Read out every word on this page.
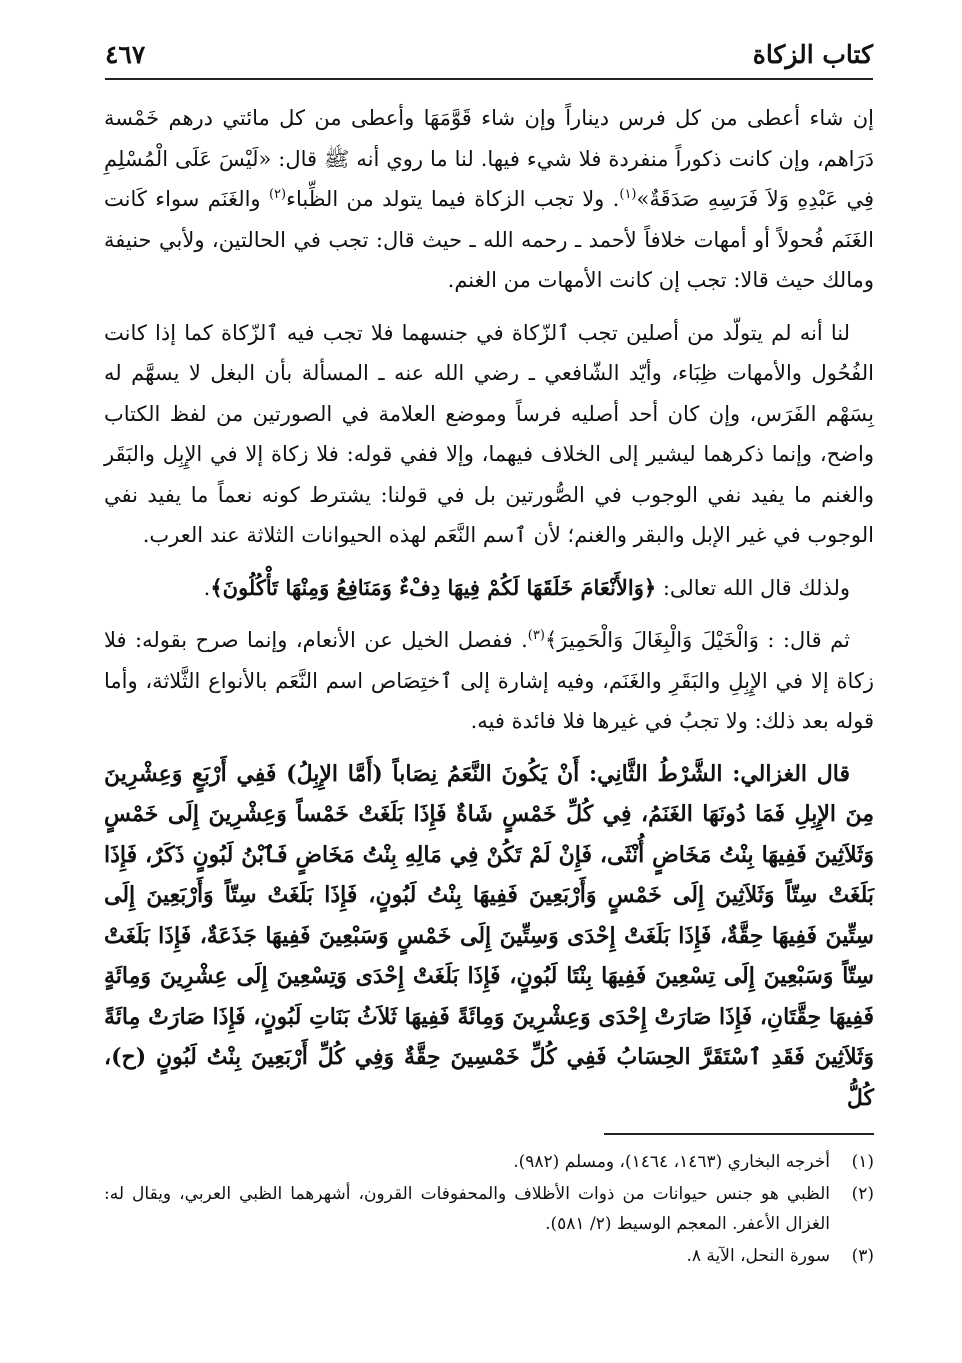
كتاب الزكاة
٤٦٧

إن شاء أعطى من كل فرس ديناراً وإن شاء قَوَّمَهَا وأعطى من كل مائتي درهم خَمْسة دَرَاهم، وإن كانت ذكوراً منفردة فلا شيء فيها. لنا ما روي أنه ﷺ قال: «لَيْسَ عَلَى الْمُسْلِمِ فِي عَبْدِهِ وَلاَ فَرَسِهِ صَدَقَةٌ»$^{(١)}$. ولا تجب الزكاة فيما يتولد من الظِّباء$^{(٢)}$ والغَنَم سواء كَانت الغَنَم فُحولاً أو أمهات خلافاً لأحمد ـ رحمه الله ـ حيث قال: تجب في الحالتين، ولأبي حنيفة ومالك حيث قالا: تجب إن كانت الأمهات من الغنم.

لنا أنه لم يتولّد من أصلين تجب ٱلزّكاة في جنسهما فلا تجب فيه ٱلزّكاة كما إذا كانت الفُحُول والأمهات ظِبَاء، وأيّد الشّافعي ـ رضي الله عنه ـ المسألة بأن البغل لا يسهَّم له بِسَهْم الفَرَس، وإن كان أحد أصليه فرساً وموضع العلامة في الصورتين من لفظ الكتاب واضح، وإنما ذكرهما ليشير إلى الخلاف فيهما، وإلا ففي قوله: فلا زكاة إلا في الإِبِل والبَقَر والغنم ما يفيد نفي الوجوب في الصُّورتين بل في قولنا: يشترط كونه نعماً ما يفيد نفي الوجوب في غير الإبل والبقر والغنم؛ لأن ٱسم النَّعَم لهذه الحيوانات الثلاثة عند العرب.

ولذلك قال الله تعالى: ﴿وَالأَنْعَامَ خَلَقَهَا لَكُمْ فِيهَا دِفْءٌ وَمَنَافِعُ وَمِنْهَا تَأْكُلُونَ﴾.

ثم قال: : وَالْخَيْلَ وَالْبِغَالَ وَالْحَمِيرَ﴾$^{(٣)}$. ففصل الخيل عن الأنعام، وإنما صرح بقوله: فلا زكاة إلا في الإِبِلِ والبَقَرِ والغَنَم، وفيه إشارة إلى ٱختِصَاص اسم النَّعَم بالأنواع الثَّلاثة، وأما قوله بعد ذلك: ولا تجبُ في غيرها فلا فائدة فيه.

قال الغزالي: الشَّرْطُ الثَّانِي: أَنْ يَكُونَ النَّعَمُ نِصَاباً (أَمَّا الإِبِلُ) فَفِي أَرْبَعٍ وَعِشْرِينَ مِنَ الإِبِلِ فَمَا دُونَهَا الغَنَمُ، فِي كُلِّ خَمْسٍ شَاةٌ فَإِذَا بَلَغَتْ خَمْساً وَعِشْرِينَ إِلَى خَمْسٍ وَثَلاَثِينَ فَفِيهَا بِنْتُ مَخَاضٍ أُنْثَى، فَإِنْ لَمْ تَكُنْ فِي مَالِهِ بِنْتُ مَخَاضٍ فَٱبْنُ لَبُونٍ ذَكَرٌ، فَإِذَا بَلَغَتْ سِتّاً وَثَلاَثِينَ إِلَى خَمْسٍ وَأَرْبَعِينَ فَفِيهَا بِنْتُ لَبُونٍ، فَإِذَا بَلَغَتْ سِتّاً وَأَرْبَعِينَ إِلَى سِتِّينَ فَفِيهَا حِقَّةٌ، فَإِذَا بَلَغَتْ إِحْدَى وَسِتِّينَ إِلَى خَمْسٍ وَسَبْعِينَ فَفِيهَا جَذَعَةٌ، فَإِذَا بَلَغَتْ سِتّاً وَسَبْعِينَ إِلَى تِسْعِينَ فَفِيهَا بِنْتَا لَبُونٍ، فَإِذَا بَلَغَتْ إِحْدَى وَتِسْعِينَ إِلَى عِشْرِينَ وَمِائَةٍ فَفِيهَا حِقَّتَانِ، فَإِذَا صَارَتْ إِحْدَى وَعِشْرِينَ وَمِائَةً فَفِيهَا ثَلاَثُ بَنَاتِ لَبُونٍ، فَإِذَا صَارَتْ مِائَةً وَثَلاَثِينَ فَقَدِ ٱسْتَقَرَّ الحِسَابُ فَفِي كُلِّ خَمْسِينَ حِقَّةٌ وَفِي كُلِّ أَرْبَعِينَ بِنْتُ لَبُونٍ (ح)، كُلُّ

(١)
أخرجه البخاري (١٤٦٣، ١٤٦٤)، ومسلم (٩٨٢).
(٢)
الظبي هو جنس حيوانات من ذوات الأظلاف والمحفوفات القرون، أشهرهما الظبي العربي، ويقال له: الغزال الأعفر. المعجم الوسيط (٢/ ٥٨١).
(٣)
سورة النحل، الآية ٨.
